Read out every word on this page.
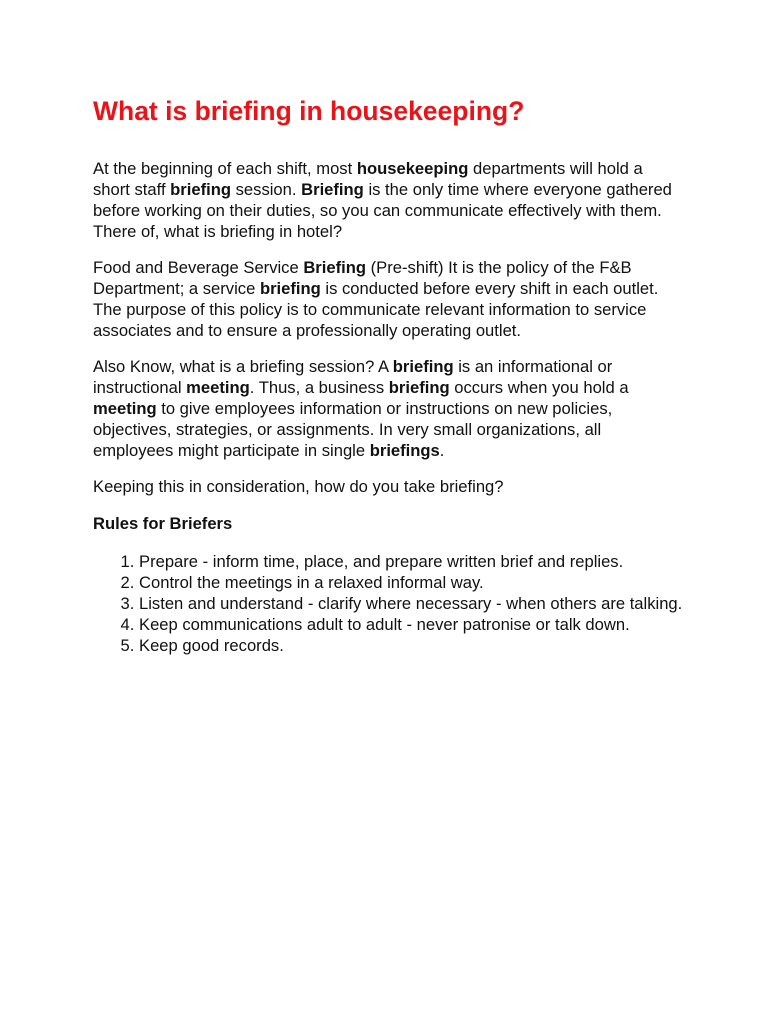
What is briefing in housekeeping?

At the beginning of each shift, most housekeeping departments will hold a short staff briefing session. Briefing is the only time where everyone gathered before working on their duties, so you can communicate effectively with them.

There of, what is briefing in hotel?

Food and Beverage Service Briefing (Pre-shift) It is the policy of the F&B Department; a service briefing is conducted before every shift in each outlet. The purpose of this policy is to communicate relevant information to service associates and to ensure a professionally operating outlet.

Also Know, what is a briefing session? A briefing is an informational or instructional meeting. Thus, a business briefing occurs when you hold a meeting to give employees information or instructions on new policies, objectives, strategies, or assignments. In very small organizations, all employees might participate in single briefings.

Keeping this in consideration, how do you take briefing?

Rules for Briefers
1. Prepare - inform time, place, and prepare written brief and replies.
2. Control the meetings in a relaxed informal way.
3. Listen and understand - clarify where necessary - when others are talking.
4. Keep communications adult to adult - never patronise or talk down.
5. Keep good records.
